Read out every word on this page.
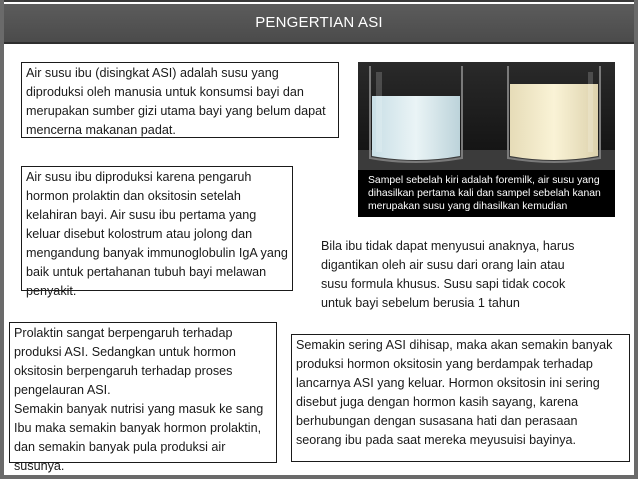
PENGERTIAN ASI

Air susu ibu (disingkat ASI) adalah susu yang diproduksi oleh manusia untuk konsumsi bayi dan merupakan sumber gizi utama bayi yang belum dapat mencerna makanan padat.

Sampel sebelah kiri adalah foremilk, air susu yang dihasilkan pertama kali dan sampel sebelah kanan merupakan susu yang dihasilkan kemudian

Air susu ibu diproduksi karena pengaruh hormon prolaktin dan oksitosin setelah kelahiran bayi. Air susu ibu pertama yang keluar disebut kolostrum atau jolong dan mengandung banyak immunoglobulin IgA yang baik untuk pertahanan tubuh bayi melawan penyakit.

Bila ibu tidak dapat menyusui anaknya, harus digantikan oleh air susu dari orang lain atau susu formula khusus. Susu sapi tidak cocok untuk bayi sebelum berusia 1 tahun

Prolaktin sangat berpengaruh terhadap produksi ASI. Sedangkan untuk hormon oksitosin berpengaruh terhadap proses pengelauran ASI.

Semakin banyak nutrisi yang masuk ke sang Ibu maka semakin banyak hormon prolaktin, dan semakin banyak pula produksi air susunya.

Semakin sering ASI dihisap, maka akan semakin banyak produksi hormon oksitosin yang berdampak terhadap lancarnya ASI yang keluar. Hormon oksitosin ini sering disebut juga dengan hormon kasih sayang, karena berhubungan dengan susasana hati dan perasaan seorang ibu pada saat mereka meyusuisi bayinya.
